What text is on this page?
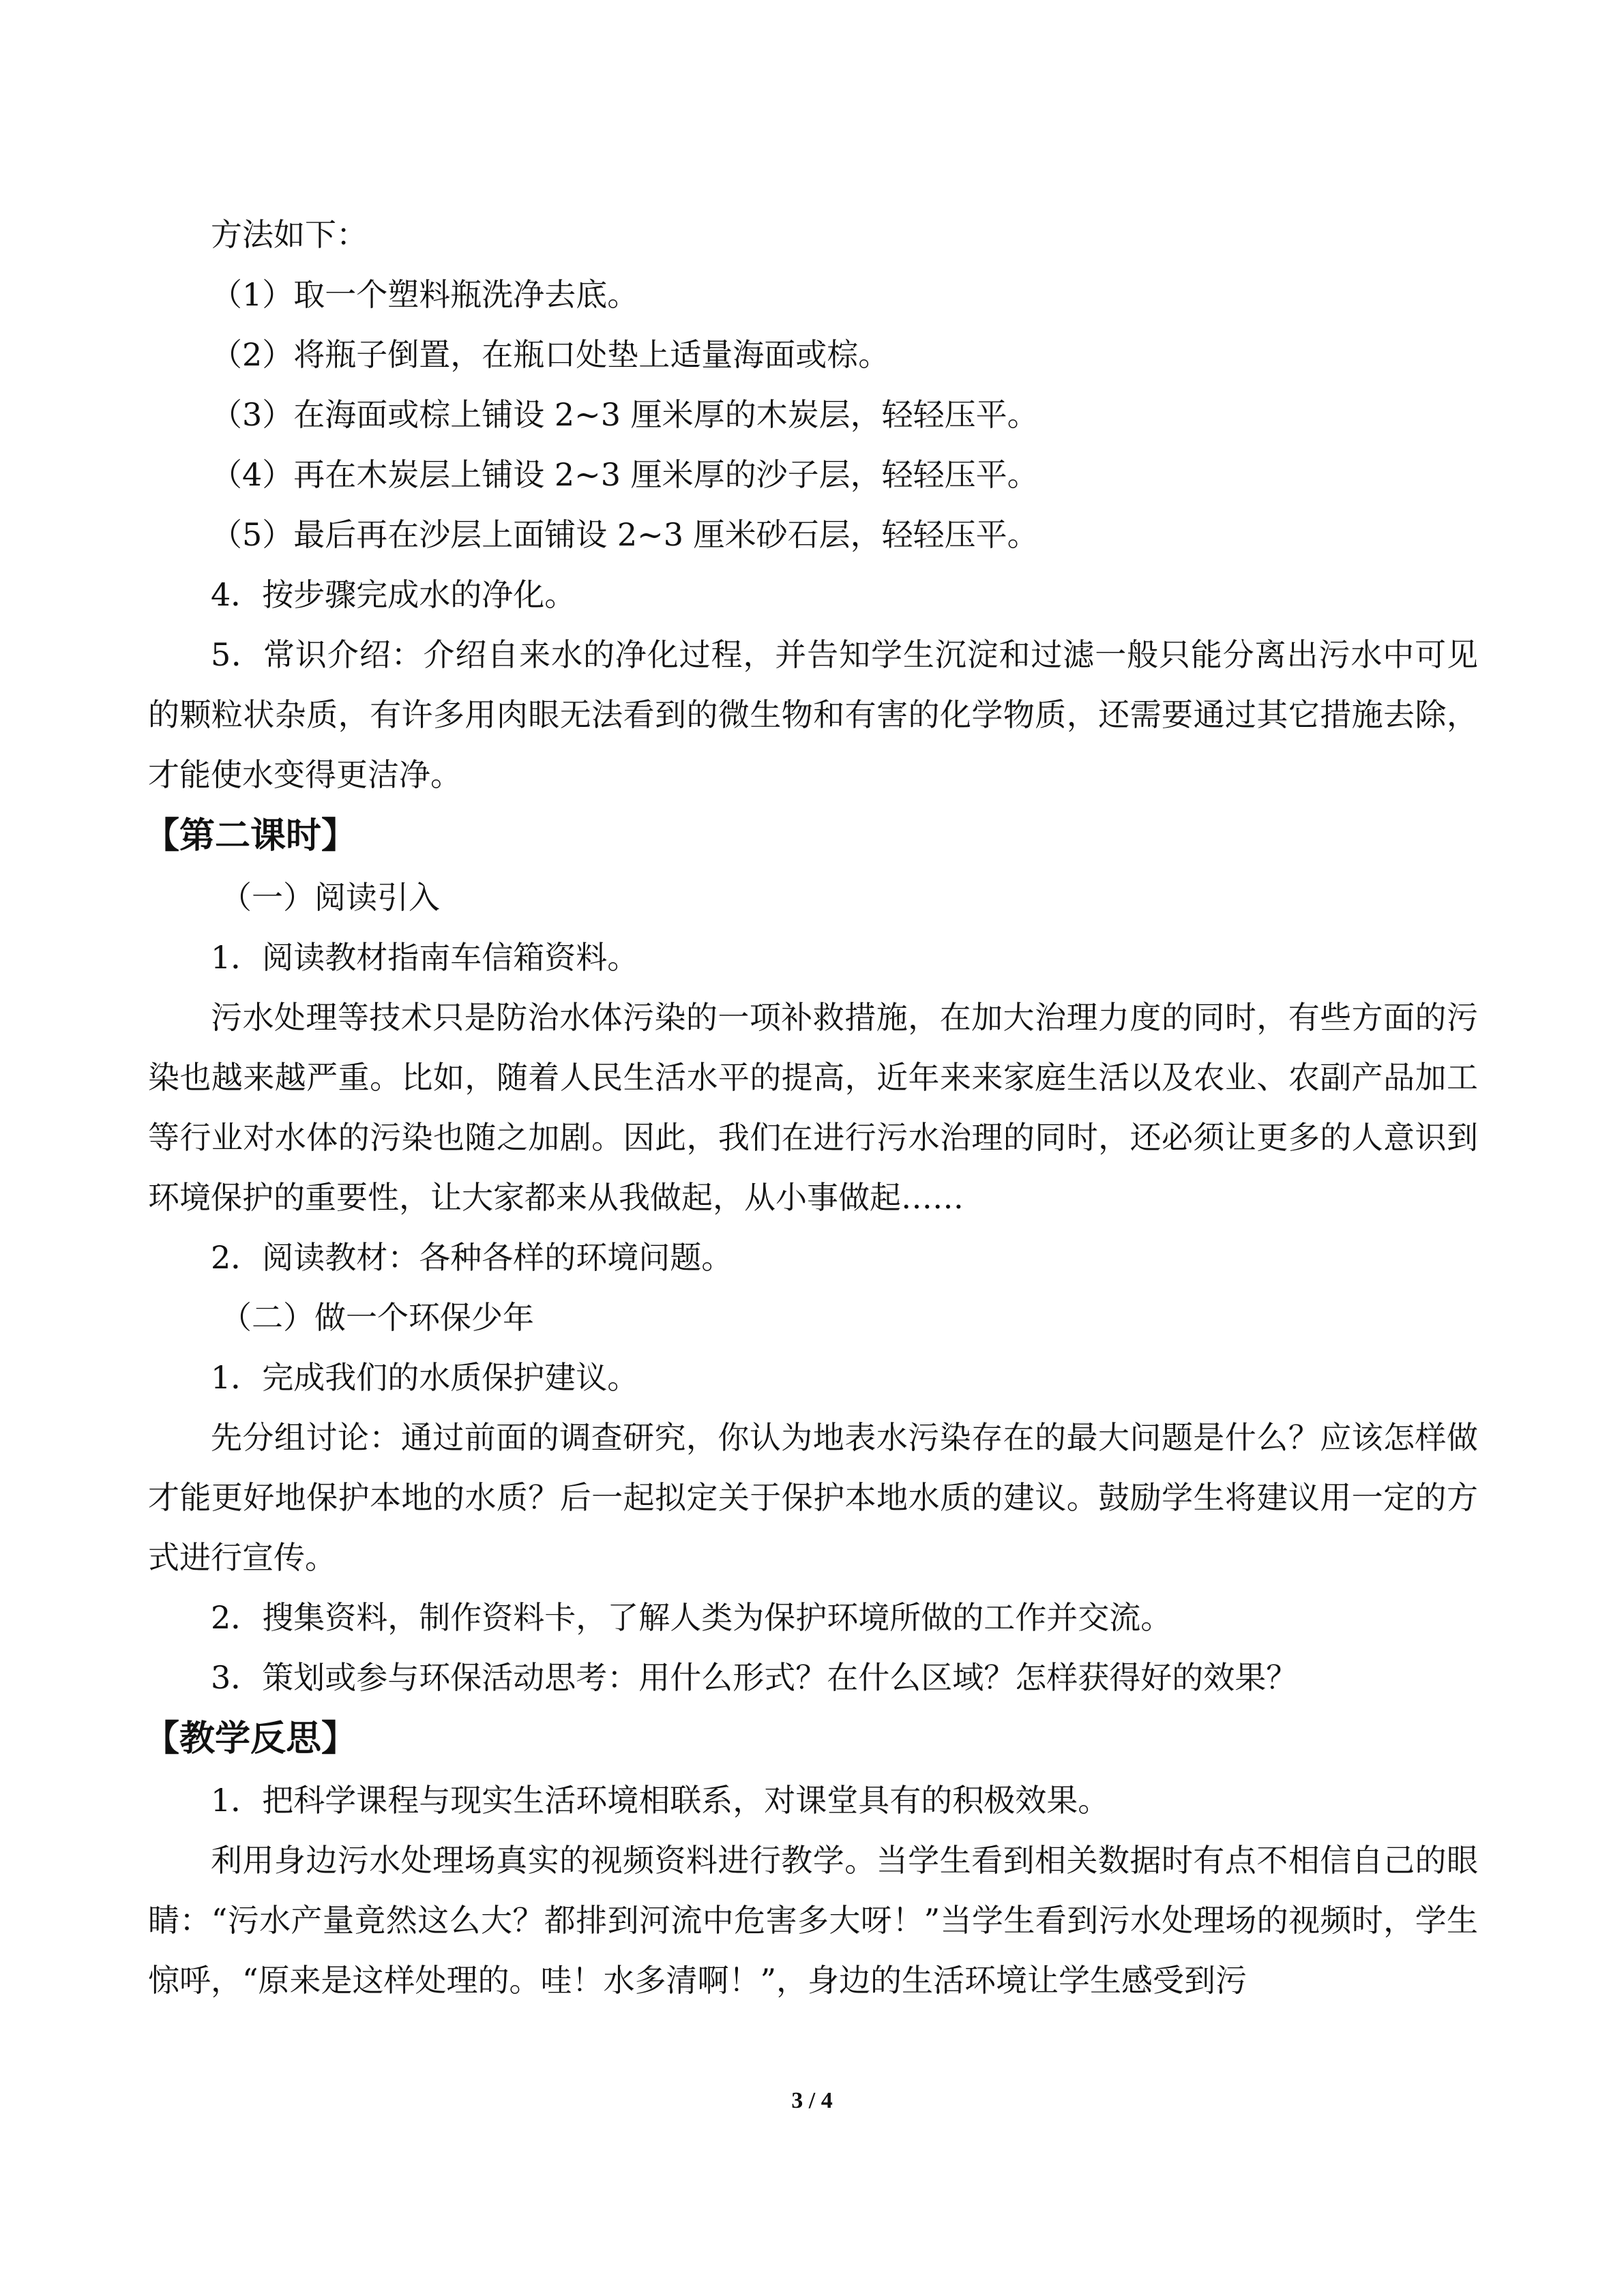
方法如下：

（1）取一个塑料瓶洗净去底。

（2）将瓶子倒置，在瓶口处垫上适量海面或棕。

（3）在海面或棕上铺设 2~3 厘米厚的木炭层，轻轻压平。

（4）再在木炭层上铺设 2~3 厘米厚的沙子层，轻轻压平。

（5）最后再在沙层上面铺设 2~3 厘米砂石层，轻轻压平。

4．按步骤完成水的净化。

5．常识介绍：介绍自来水的净化过程，并告知学生沉淀和过滤一般只能分离出污水中可见的颗粒状杂质，有许多用肉眼无法看到的微生物和有害的化学物质，还需要通过其它措施去除，才能使水变得更洁净。

【第二课时】

（一）阅读引入

1．阅读教材指南车信箱资料。

污水处理等技术只是防治水体污染的一项补救措施，在加大治理力度的同时，有些方面的污染也越来越严重。比如，随着人民生活水平的提高，近年来来家庭生活以及农业、农副产品加工等行业对水体的污染也随之加剧。因此，我们在进行污水治理的同时，还必须让更多的人意识到环境保护的重要性，让大家都来从我做起，从小事做起……

2．阅读教材：各种各样的环境问题。

（二）做一个环保少年

1．完成我们的水质保护建议。

先分组讨论：通过前面的调查研究，你认为地表水污染存在的最大问题是什么？应该怎样做才能更好地保护本地的水质？后一起拟定关于保护本地水质的建议。鼓励学生将建议用一定的方式进行宣传。

2．搜集资料，制作资料卡，了解人类为保护环境所做的工作并交流。

3．策划或参与环保活动思考：用什么形式？在什么区域？怎样获得好的效果？

【教学反思】

1．把科学课程与现实生活环境相联系，对课堂具有的积极效果。

利用身边污水处理场真实的视频资料进行教学。当学生看到相关数据时有点不相信自己的眼睛：“污水产量竟然这么大？都排到河流中危害多大呀！”当学生看到污水处理场的视频时，学生惊呼，“原来是这样处理的。哇！水多清啊！”，身边的生活环境让学生感受到污

3 / 4
